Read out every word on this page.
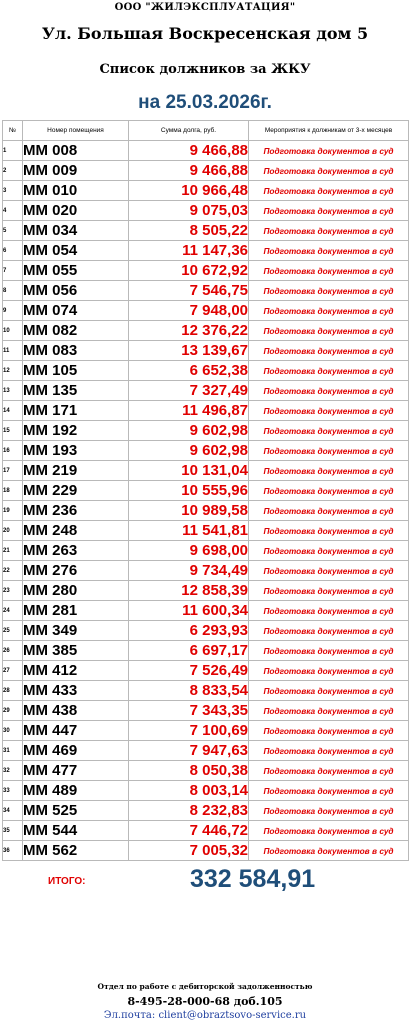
ООО "ЖИЛЭКСПЛУАТАЦИЯ"
Ул. Большая Воскресенская дом 5
Список должников за ЖКУ
на 25.03.2026г.
№	Номер помещения	Сумма долга, руб.	Мероприятия к должникам от 3-х месяцев
1	ММ 008	9 466,88	Подготовка документов в суд
2	ММ 009	9 466,88	Подготовка документов в суд
3	ММ 010	10 966,48	Подготовка документов в суд
4	ММ 020	9 075,03	Подготовка документов в суд
5	ММ 034	8 505,22	Подготовка документов в суд
6	ММ 054	11 147,36	Подготовка документов в суд
7	ММ 055	10 672,92	Подготовка документов в суд
8	ММ 056	7 546,75	Подготовка документов в суд
9	ММ 074	7 948,00	Подготовка документов в суд
10	ММ 082	12 376,22	Подготовка документов в суд
11	ММ 083	13 139,67	Подготовка документов в суд
12	ММ 105	6 652,38	Подготовка документов в суд
13	ММ 135	7 327,49	Подготовка документов в суд
14	ММ 171	11 496,87	Подготовка документов в суд
15	ММ 192	9 602,98	Подготовка документов в суд
16	ММ 193	9 602,98	Подготовка документов в суд
17	ММ 219	10 131,04	Подготовка документов в суд
18	ММ 229	10 555,96	Подготовка документов в суд
19	ММ 236	10 989,58	Подготовка документов в суд
20	ММ 248	11 541,81	Подготовка документов в суд
21	ММ 263	9 698,00	Подготовка документов в суд
22	ММ 276	9 734,49	Подготовка документов в суд
23	ММ 280	12 858,39	Подготовка документов в суд
24	ММ 281	11 600,34	Подготовка документов в суд
25	ММ 349	6 293,93	Подготовка документов в суд
26	ММ 385	6 697,17	Подготовка документов в суд
27	ММ 412	7 526,49	Подготовка документов в суд
28	ММ 433	8 833,54	Подготовка документов в суд
29	ММ 438	7 343,35	Подготовка документов в суд
30	ММ 447	7 100,69	Подготовка документов в суд
31	ММ 469	7 947,63	Подготовка документов в суд
32	ММ 477	8 050,38	Подготовка документов в суд
33	ММ 489	8 003,14	Подготовка документов в суд
34	ММ 525	8 232,83	Подготовка документов в суд
35	ММ 544	7 446,72	Подготовка документов в суд
36	ММ 562	7 005,32	Подготовка документов в суд
ИТОГО:	332 584,91
Отдел по работе с дебиторской задолженностью
8-495-28-000-68 доб.105
Эл.почта: client@obraztsovo-service.ru
